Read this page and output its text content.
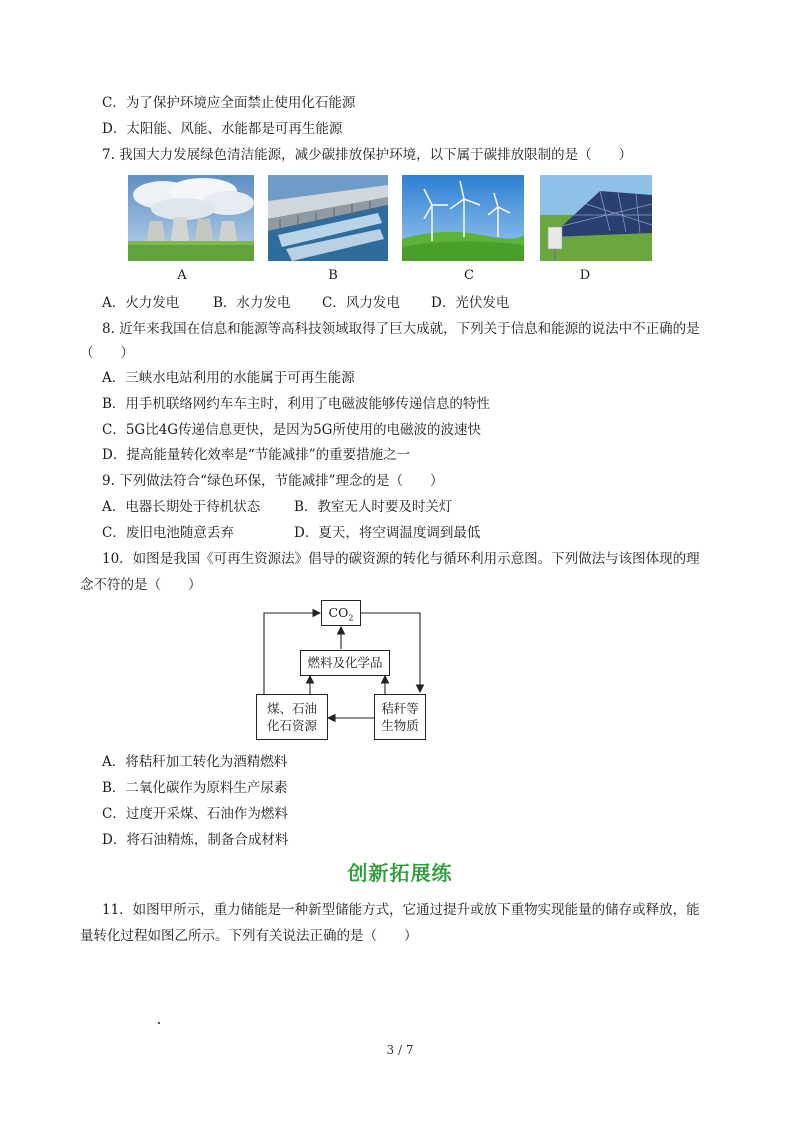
C．为了保护环境应全面禁止使用化石能源
D．太阳能、风能、水能都是可再生能源
7. 我国大力发展绿色清洁能源，减少碳排放保护环境，以下属于碳排放限制的是（　　）
A	B	C	D
A．火力发电	B．水力发电 C．风力发电 D．光伏发电
8. 近年来我国在信息和能源等高科技领域取得了巨大成就，下列关于信息和能源的说法中不正确的是
（　　）
A．三峡水电站利用的水能属于可再生能源
B．用手机联络网约车车主时，利用了电磁波能够传递信息的特性
C．5G比4G传递信息更快，是因为5G所使用的电磁波的波速快
D．提高能量转化效率是“节能减排”的重要措施之一
9. 下列做法符合“绿色环保，节能减排”理念的是（　　）
A．电器长期处于待机状态	B．教室无人时要及时关灯
C．废旧电池随意丢弃	D．夏天，将空调温度调到最低
10．如图是我国《可再生资源法》倡导的碳资源的转化与循环利用示意图。下列做法与该图体现的理
念不符的是（　　）
$CO_2$
燃料及化学品
煤、石油
化石资源
秸秆等
生物质
A．将秸秆加工转化为酒精燃料
B．二氧化碳作为原料生产尿素
C．过度开采煤、石油作为燃料
D．将石油精炼，制备合成材料
创新拓展练
11．如图甲所示，重力储能是一种新型储能方式，它通过提升或放下重物实现能量的储存或释放，能
量转化过程如图乙所示。下列有关说法正确的是（　　）
3 / 7
